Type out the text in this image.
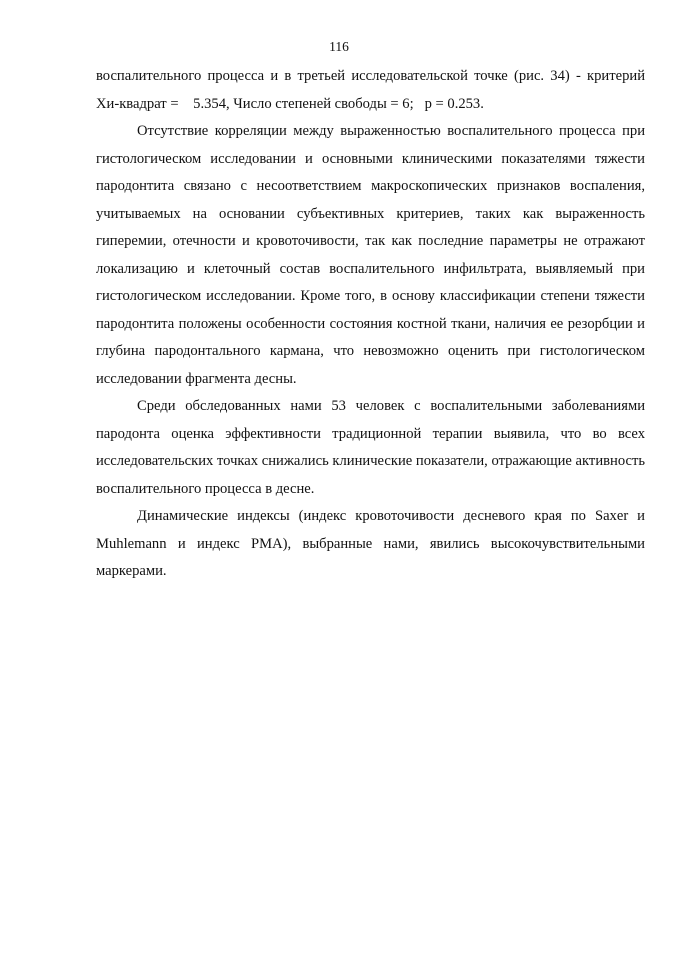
116

воспалительного процесса и в третьей исследовательской точке (рис. 34) - критерий Хи-квадрат =    5.354, Число степеней свободы = 6;   p = 0.253.

Отсутствие корреляции между выраженностью воспалительного процесса при гистологическом исследовании и основными клиническими показателями тяжести пародонтита связано с несоответствием макроскопических признаков воспаления, учитываемых на основании субъективных критериев, таких как выраженность гиперемии, отечности и кровоточивости, так как последние параметры не отражают локализацию и клеточный состав воспалительного инфильтрата, выявляемый при гистологическом исследовании. Кроме того, в основу классификации степени тяжести пародонтита положены особенности состояния костной ткани, наличия ее резорбции и глубина пародонтального кармана, что невозможно оценить при гистологическом исследовании фрагмента десны.

Среди обследованных нами 53 человек с воспалительными заболеваниями пародонта оценка эффективности традиционной терапии выявила, что во всех исследовательских точках снижались клинические показатели, отражающие активность воспалительного процесса в десне.

Динамические индексы (индекс кровоточивости десневого края по Saxer и Muhlemann и индекс РМА), выбранные нами, явились высокочувствительными маркерами.
